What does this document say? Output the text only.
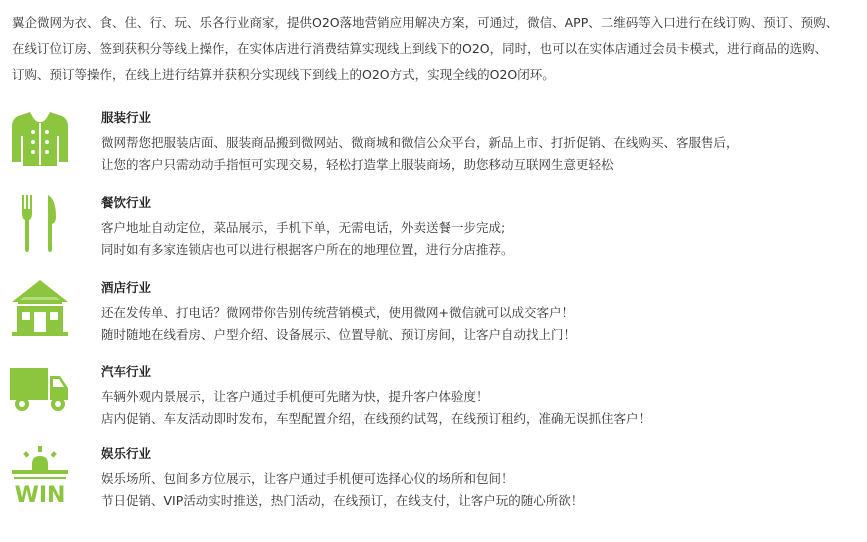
翼企微网为衣、食、住、行、玩、乐各行业商家，提供O2O落地营销应用解决方案，可通过，微信、APP、二维码等入口进行在线订购、预订、预购、
在线订位订房、签到获积分等线上操作，在实体店进行消费结算实现线上到线下的O2O，同时，也可以在实体店通过会员卡模式，进行商品的选购、
订购、预订等操作，在线上进行结算并获积分实现线下到线上的O2O方式，实现全线的O2O闭环。
服装行业
微网帮您把服装店面、服装商品搬到微网站、微商城和微信公众平台，新品上市、打折促销、在线购买、客服售后，
让您的客户只需动动手指恒可实现交易，轻松打造掌上服装商场，助您移动互联网生意更轻松
餐饮行业
客户地址自动定位，菜品展示，手机下单，无需电话，外卖送餐一步完成;
同时如有多家连锁店也可以进行根据客户所在的地理位置，进行分店推荐。
酒店行业
还在发传单、打电话？微网带你告别传统营销模式，使用微网+微信就可以成交客户！
随时随地在线看房、户型介绍、设备展示、位置导航、预订房间，让客户自动找上门！
汽车行业
车辆外观内景展示，让客户通过手机便可先睹为快，提升客户体验度！
店内促销、车友活动即时发布，车型配置介绍，在线预约试驾，在线预订租约，准确无误抓住客户！
WIN
娱乐行业
娱乐场所、包间多方位展示，让客户通过手机便可选择心仪的场所和包间！
节日促销、VIP活动实时推送，热门活动，在线预订，在线支付，让客户玩的随心所欲！
